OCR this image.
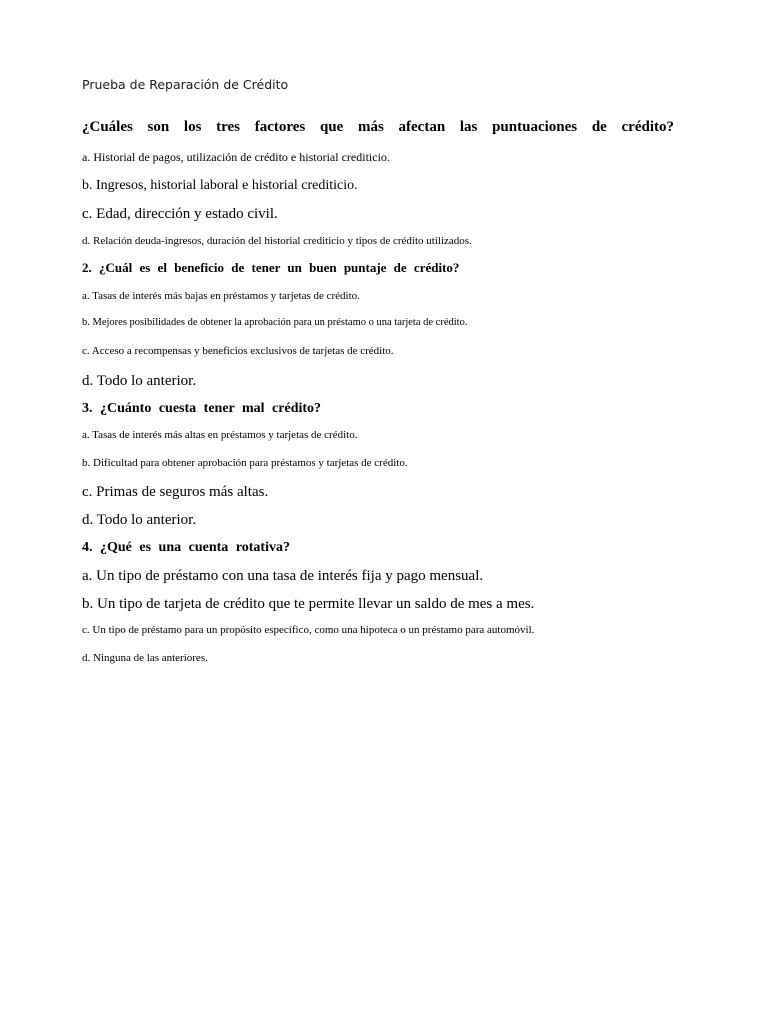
Prueba de Reparación de Crédito
¿Cuáles son los tres factores que más afectan las puntuaciones de crédito?
a. Historial de pagos, utilización de crédito e historial crediticio.
b. Ingresos, historial laboral e historial crediticio.
c. Edad, dirección y estado civil.
d. Relación deuda-ingresos, duración del historial crediticio y tipos de crédito utilizados.
2. ¿Cuál es el beneficio de tener un buen puntaje de crédito?
a. Tasas de interés más bajas en préstamos y tarjetas de crédito.
b. Mejores posibilidades de obtener la aprobación para un préstamo o una tarjeta de crédito.
c. Acceso a recompensas y beneficios exclusivos de tarjetas de crédito.
d. Todo lo anterior.
3. ¿Cuánto cuesta tener mal crédito?
a. Tasas de interés más altas en préstamos y tarjetas de crédito.
b. Dificultad para obtener aprobación para préstamos y tarjetas de crédito.
c. Primas de seguros más altas.
d. Todo lo anterior.
4. ¿Qué es una cuenta rotativa?
a. Un tipo de préstamo con una tasa de interés fija y pago mensual.
b. Un tipo de tarjeta de crédito que te permite llevar un saldo de mes a mes.
c. Un tipo de préstamo para un propósito específico, como una hipoteca o un préstamo para automóvil.
d. Ninguna de las anteriores.
